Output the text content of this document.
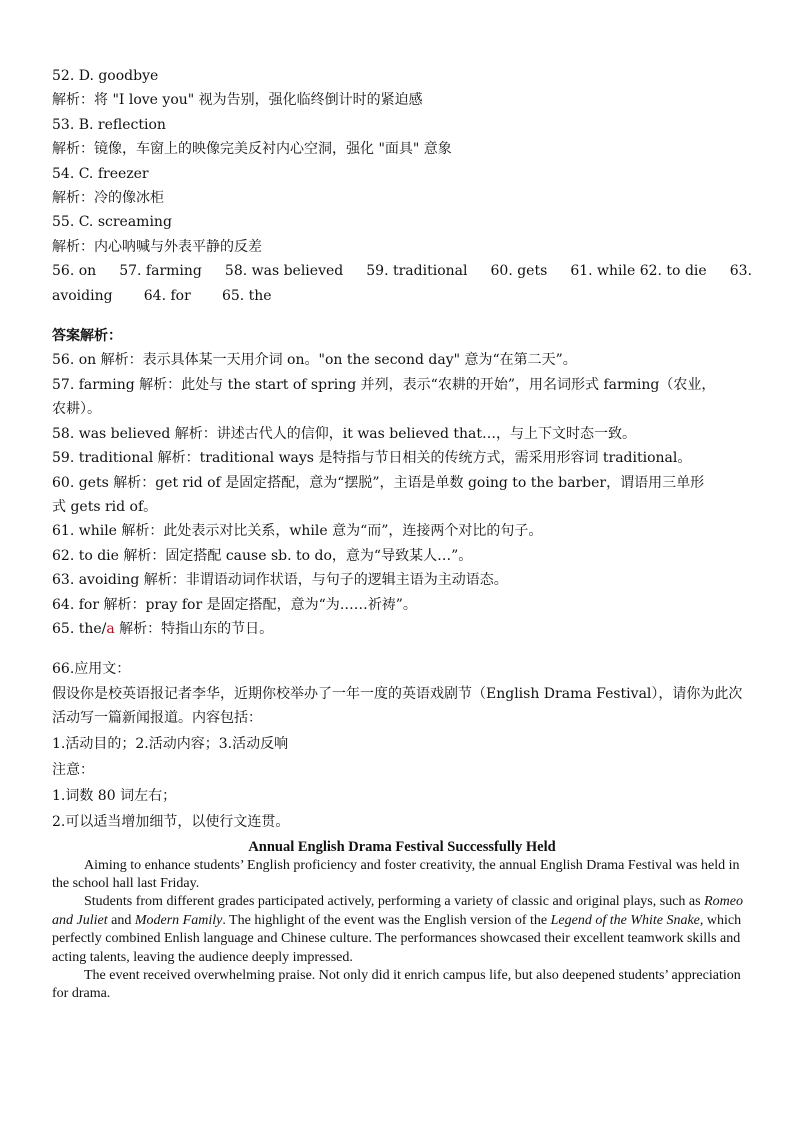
52. D. goodbye
解析：将 "I love you" 视为告别，强化临终倒计时的紧迫感
53. B. reflection
解析：镜像，车窗上的映像完美反衬内心空洞，强化 "面具" 意象
54. C. freezer
解析：冷的像冰柜
55. C. screaming
解析：内心呐喊与外表平静的反差
56. on 57. farming 58. was believed 59. traditional 60. gets 61. while 62. to die 63.
avoiding 64. for 65. the
答案解析：
56. on 解析：表示具体某一天用介词 on。"on the second day" 意为“在第二天”。
57. farming 解析：此处与 the start of spring 并列，表示“农耕的开始”，用名词形式 farming（农业，
农耕）。
58. was believed 解析：讲述古代人的信仰，it was believed that…，与上下文时态一致。
59. traditional 解析：traditional ways 是特指与节日相关的传统方式，需采用形容词 traditional。
60. gets 解析：get rid of 是固定搭配，意为“摆脱”，主语是单数 going to the barber，谓语用三单形
式 gets rid of。
61. while 解析：此处表示对比关系，while 意为“而”，连接两个对比的句子。
62. to die 解析：固定搭配 cause sb. to do，意为“导致某人…”。
63. avoiding 解析：非谓语动词作状语，与句子的逻辑主语为主动语态。
64. for 解析：pray for 是固定搭配，意为“为……祈祷”。
65. the/a 解析：特指山东的节日。
66.应用文：
假设你是校英语报记者李华，近期你校举办了一年一度的英语戏剧节（English Drama Festival），请你为此次活动写一篇新闻报道。内容包括：
1.活动目的；2.活动内容；3.活动反响
注意：
1.词数 80 词左右；
2.可以适当增加细节，以使行文连贯。
Annual English Drama Festival Successfully Held

Aiming to enhance students’ English proficiency and foster creativity, the annual English Drama Festival was held in the school hall last Friday.

Students from different grades participated actively, performing a variety of classic and original plays, such as Romeo and Juliet and Modern Family. The highlight of the event was the English version of the Legend of the White Snake, which perfectly combined Enlish language and Chinese culture. The performances showcased their excellent teamwork skills and acting talents, leaving the audience deeply impressed.

The event received overwhelming praise. Not only did it enrich campus life, but also deepened students’ appreciation for drama.
